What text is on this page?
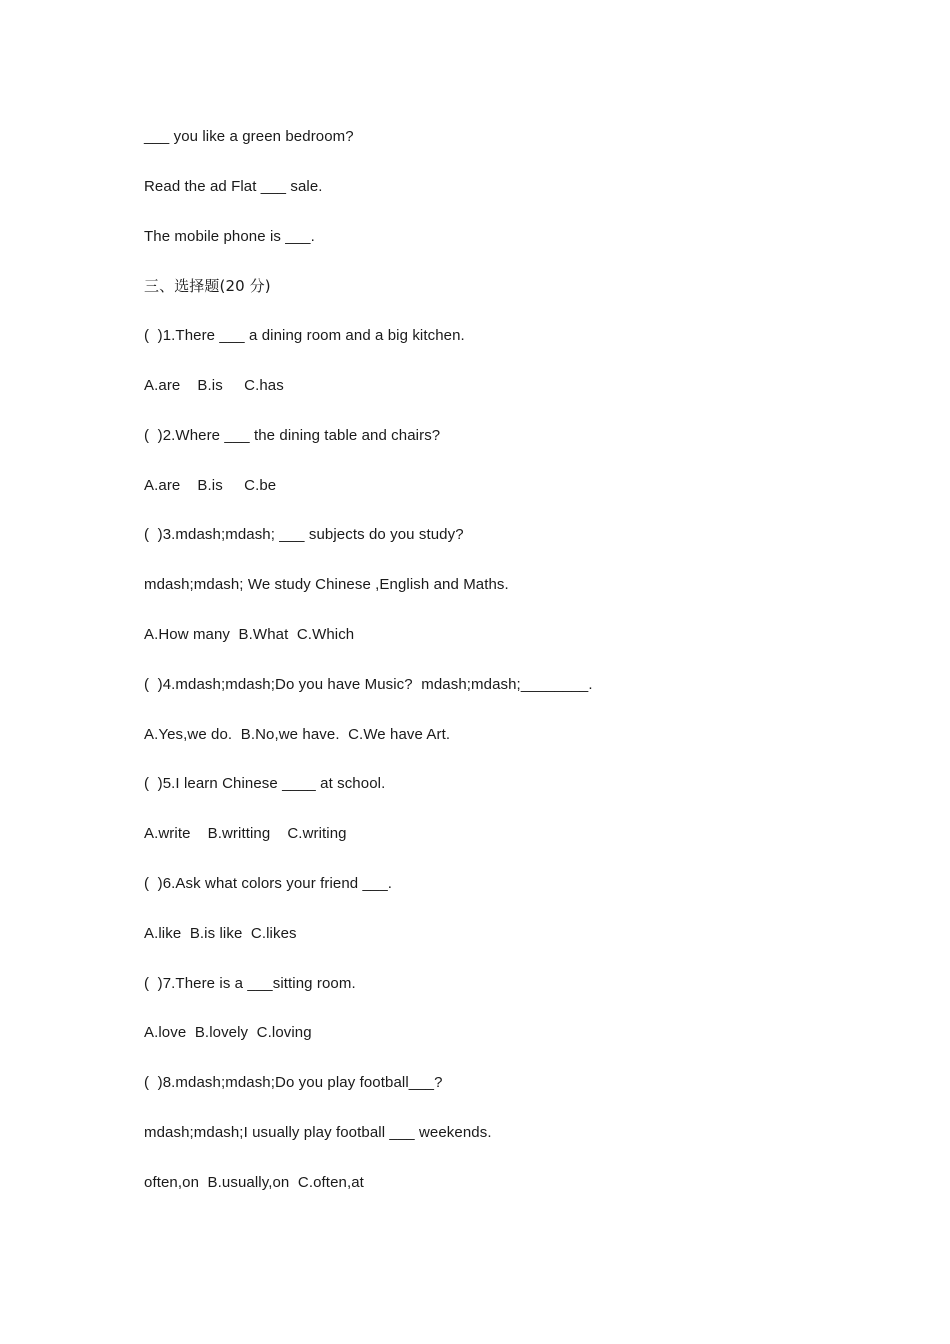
___ you like a green bedroom?
Read the ad Flat ___ sale.
The mobile phone is ___.
三、选择题(20 分)
(  )1.There ___ a dining room and a big kitchen.
A.are    B.is     C.has
(  )2.Where ___ the dining table and chairs?
A.are    B.is     C.be
(  )3.mdash;mdash; ___ subjects do you study?
mdash;mdash; We study Chinese ,English and Maths.
A.How many  B.What  C.Which
(  )4.mdash;mdash;Do you have Music?  mdash;mdash;________.
A.Yes,we do.  B.No,we have.  C.We have Art.
(  )5.I learn Chinese ____ at school.
A.write    B.writting    C.writing
(  )6.Ask what colors your friend ___.
A.like  B.is like  C.likes
(  )7.There is a ___sitting room.
A.love  B.lovely  C.loving
(  )8.mdash;mdash;Do you play football___?
mdash;mdash;I usually play football ___ weekends.
often,on  B.usually,on  C.often,at
